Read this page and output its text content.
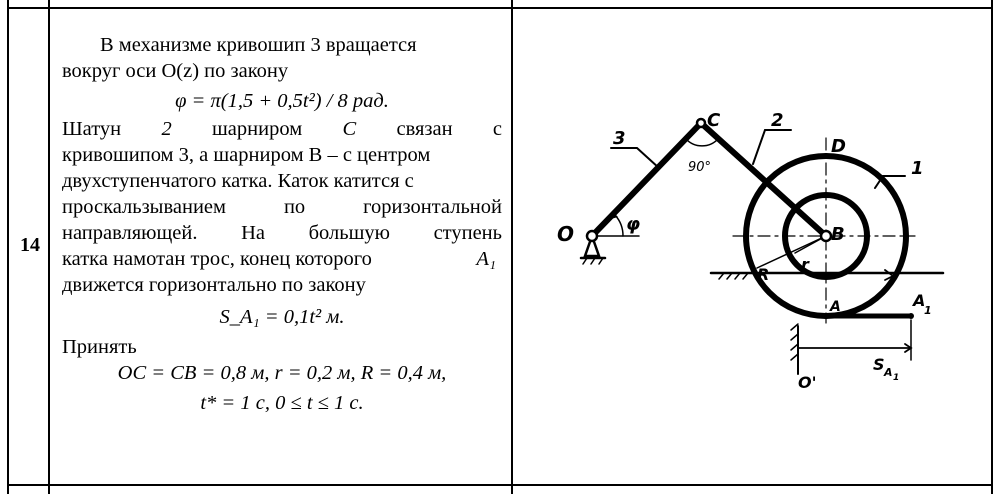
14
В механизме кривошип 3 вращается
вокруг оси O(z) по закону
φ = π(1,5 + 0,5t²) / 8 рад.
Шатун 2 шарниром C связан с
кривошипом 3, а шарниром B – с центром
двухступенчатого катка. Каток катится с
проскальзыванием	по	горизонтальной
направляющей. На большую ступень
катка намотан трос, конец которого	A₁
движется горизонтально по закону
S_A₁ = 0,1t² м.
Принять
OC = CB = 0,8 м, r = 0,2 м, R = 0,4 м,
t* = 1 с, 0 ≤ t ≤ 1 с.
O	φ
3
C
90°
2
D
1
B
R
r
A	A
1
O'
S A 1
